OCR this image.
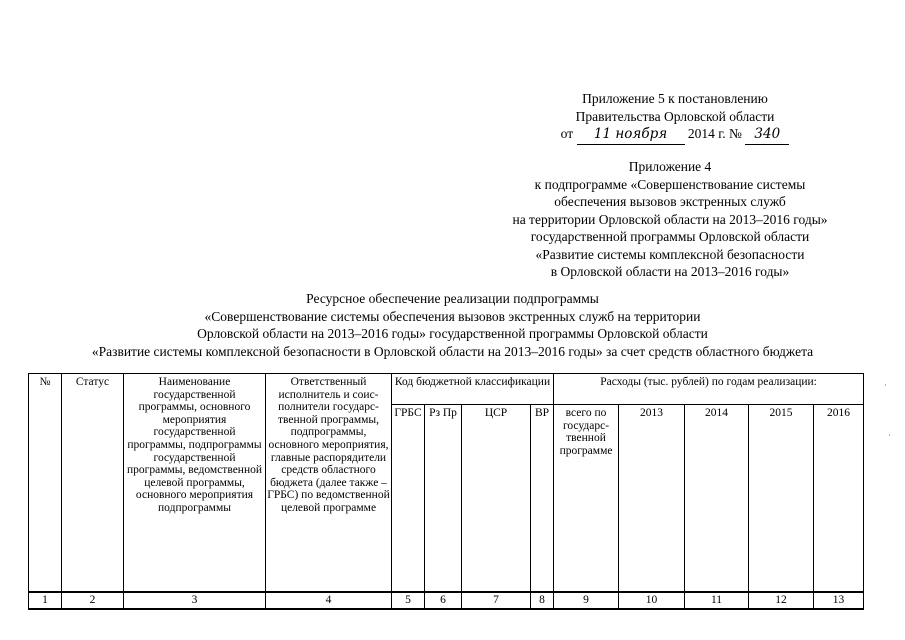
Приложение 5 к постановлению
Правительства Орловской области
от 11 ноября 2014 г. № 340
Приложение 4
к подпрограмме «Совершенствование системы
обеспечения вызовов экстренных служб
на территории Орловской области на 2013–2016 годы»
государственной программы Орловской области
«Развитие системы комплексной безопасности
в Орловской области на 2013–2016 годы»
Ресурсное обеспечение реализации подпрограммы
«Совершенствование системы обеспечения вызовов экстренных служб на территории
Орловской области на 2013–2016 годы» государственной программы Орловской области
«Развитие системы комплексной безопасности в Орловской области на 2013–2016 годы» за счет средств областного бюджета
№	Статус	Наименование государственной программы, основного мероприятия государственной программы, подпрограммы государственной программы, ведомственной целевой программы, основного мероприятия подпрограммы	Ответственный исполнитель и соис-полнители государс-твенной программы, подпрограммы, основного мероприятия, главные распорядители средств областного бюджета (далее также – ГРБС) по ведомственной целевой программе	Код бюджетной классификации				Расходы (тыс. рублей) по годам реализации:				
				ГРБС	Рз Пр	ЦСР	ВР	всего по государс-твенной программе	2013	2014	2015	2016
1	2	3	4	5	6	7	8	9	10	11	12	13
·
·
